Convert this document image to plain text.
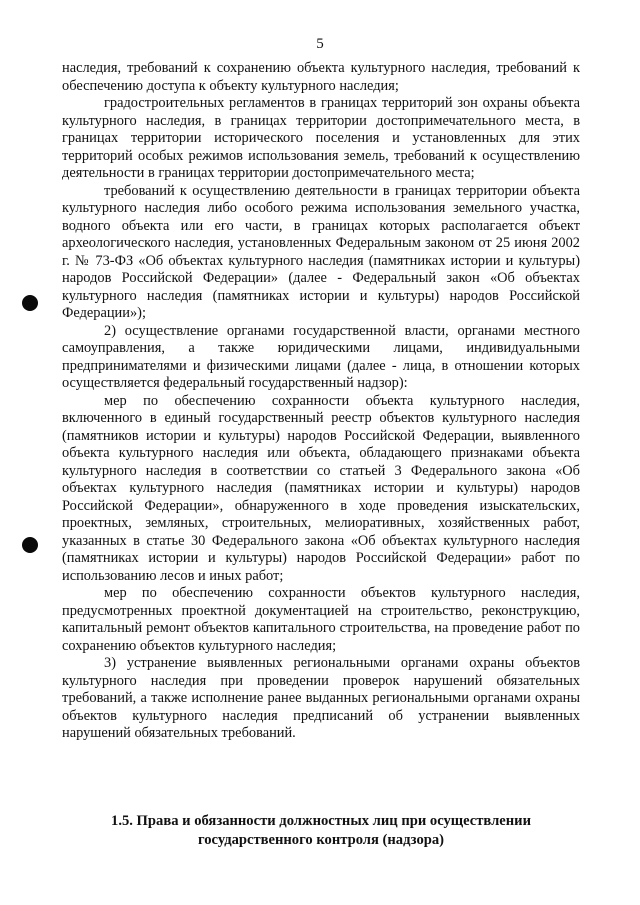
5

наследия, требований к сохранению объекта культурного наследия, требований к обеспечению доступа к объекту культурного наследия;

градостроительных регламентов в границах территорий зон охраны объекта культурного наследия, в границах территории достопримечательного места, в границах территории исторического поселения и установленных для этих территорий особых режимов использования земель, требований к осуществлению деятельности в границах территории достопримечательного места;

требований к осуществлению деятельности в границах территории объекта культурного наследия либо особого режима использования земельного участка, водного объекта или его части, в границах которых располагается объект археологического наследия, установленных Федеральным законом от 25 июня 2002 г. № 73-ФЗ «Об объектах культурного наследия (памятниках истории и культуры) народов Российской Федерации» (далее - Федеральный закон «Об объектах культурного наследия (памятниках истории и культуры) народов Российской Федерации»);

2) осуществление органами государственной власти, органами местного самоуправления, а также юридическими лицами, индивидуальными предпринимателями и физическими лицами (далее - лица, в отношении которых осуществляется федеральный государственный надзор):

мер по обеспечению сохранности объекта культурного наследия, включенного в единый государственный реестр объектов культурного наследия (памятников истории и культуры) народов Российской Федерации, выявленного объекта культурного наследия или объекта, обладающего признаками объекта культурного наследия в соответствии со статьей 3 Федерального закона «Об объектах культурного наследия (памятниках истории и культуры) народов Российской Федерации», обнаруженного в ходе проведения изыскательских, проектных, земляных, строительных, мелиоративных, хозяйственных работ, указанных в статье 30 Федерального закона «Об объектах культурного наследия (памятниках истории и культуры) народов Российской Федерации» работ по использованию лесов и иных работ;

мер по обеспечению сохранности объектов культурного наследия, предусмотренных проектной документацией на строительство, реконструкцию, капитальный ремонт объектов капитального строительства, на проведение работ по сохранению объектов культурного наследия;

3) устранение выявленных региональными органами охраны объектов культурного наследия при проведении проверок нарушений обязательных требований, а также исполнение ранее выданных региональными органами охраны объектов культурного наследия предписаний об устранении выявленных нарушений обязательных требований.

1.5. Права и обязанности должностных лиц при осуществлении
государственного контроля (надзора)
